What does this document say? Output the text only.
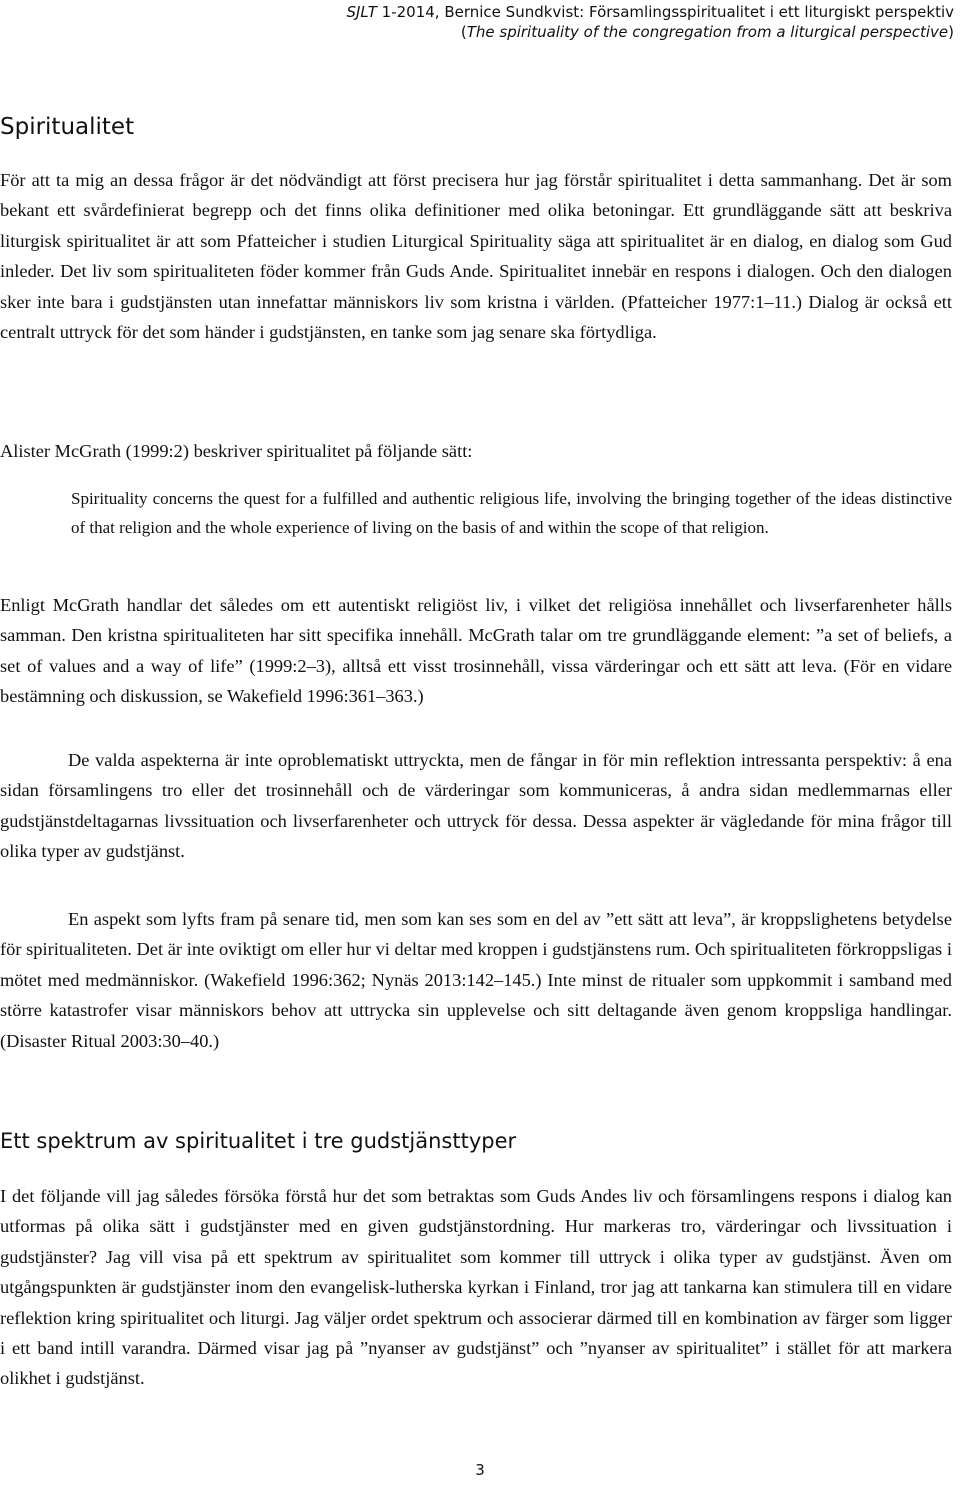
SJLT 1-2014, Bernice Sundkvist: Församlingsspiritualitet i ett liturgiskt perspektiv
(The spirituality of the congregation from a liturgical perspective)
Spiritualitet

För att ta mig an dessa frågor är det nödvändigt att först precisera hur jag förstår spiritualitet i detta sammanhang. Det är som bekant ett svårdefinierat begrepp och det finns olika definitioner med olika betoningar. Ett grundläggande sätt att beskriva liturgisk spiritualitet är att som Pfatteicher i studien Liturgical Spirituality säga att spiritualitet är en dialog, en dialog som Gud inleder. Det liv som spiritualiteten föder kommer från Guds Ande. Spiritualitet innebär en respons i dialogen. Och den dialogen sker inte bara i gudstjänsten utan innefattar människors liv som kristna i världen. (Pfatteicher 1977:1–11.) Dialog är också ett centralt uttryck för det som händer i gudstjänsten, en tanke som jag senare ska förtydliga.

Alister McGrath (1999:2) beskriver spiritualitet på följande sätt:

Spirituality concerns the quest for a fulfilled and authentic religious life, involving the bringing together of the ideas distinctive of that religion and the whole experience of living on the basis of and within the scope of that religion.

Enligt McGrath handlar det således om ett autentiskt religiöst liv, i vilket det religiösa innehållet och livserfarenheter hålls samman. Den kristna spiritualiteten har sitt specifika innehåll. McGrath talar om tre grundläggande element: ”a set of beliefs, a set of values and a way of life” (1999:2–3), alltså ett visst trosinnehåll, vissa värderingar och ett sätt att leva. (För en vidare bestämning och diskussion, se Wakefield 1996:361–363.)

De valda aspekterna är inte oproblematiskt uttryckta, men de fångar in för min reflektion intressanta perspektiv: å ena sidan församlingens tro eller det trosinnehåll och de värderingar som kommuniceras, å andra sidan medlemmarnas eller gudstjänstdeltagarnas livssituation och livserfarenheter och uttryck för dessa. Dessa aspekter är vägledande för mina frågor till olika typer av gudstjänst.

En aspekt som lyfts fram på senare tid, men som kan ses som en del av ”ett sätt att leva”, är kroppslighetens betydelse för spiritualiteten. Det är inte oviktigt om eller hur vi deltar med kroppen i gudstjänstens rum. Och spiritualiteten förkroppsligas i mötet med medmänniskor. (Wakefield 1996:362; Nynäs 2013:142–145.) Inte minst de ritualer som uppkommit i samband med större katastrofer visar människors behov att uttrycka sin upplevelse och sitt deltagande även genom kroppsliga handlingar. (Disaster Ritual 2003:30–40.)

Ett spektrum av spiritualitet i tre gudstjänsttyper

I det följande vill jag således försöka förstå hur det som betraktas som Guds Andes liv och församlingens respons i dialog kan utformas på olika sätt i gudstjänster med en given gudstjänstordning. Hur markeras tro, värderingar och livssituation i gudstjänster? Jag vill visa på ett spektrum av spiritualitet som kommer till uttryck i olika typer av gudstjänst. Även om utgångspunkten är gudstjänster inom den evangelisk-lutherska kyrkan i Finland, tror jag att tankarna kan stimulera till en vidare reflektion kring spiritualitet och liturgi. Jag väljer ordet spektrum och associerar därmed till en kombination av färger som ligger i ett band intill varandra. Därmed visar jag på ”nyanser av gudstjänst” och ”nyanser av spiritualitet” i stället för att markera olikhet i gudstjänst.

3
